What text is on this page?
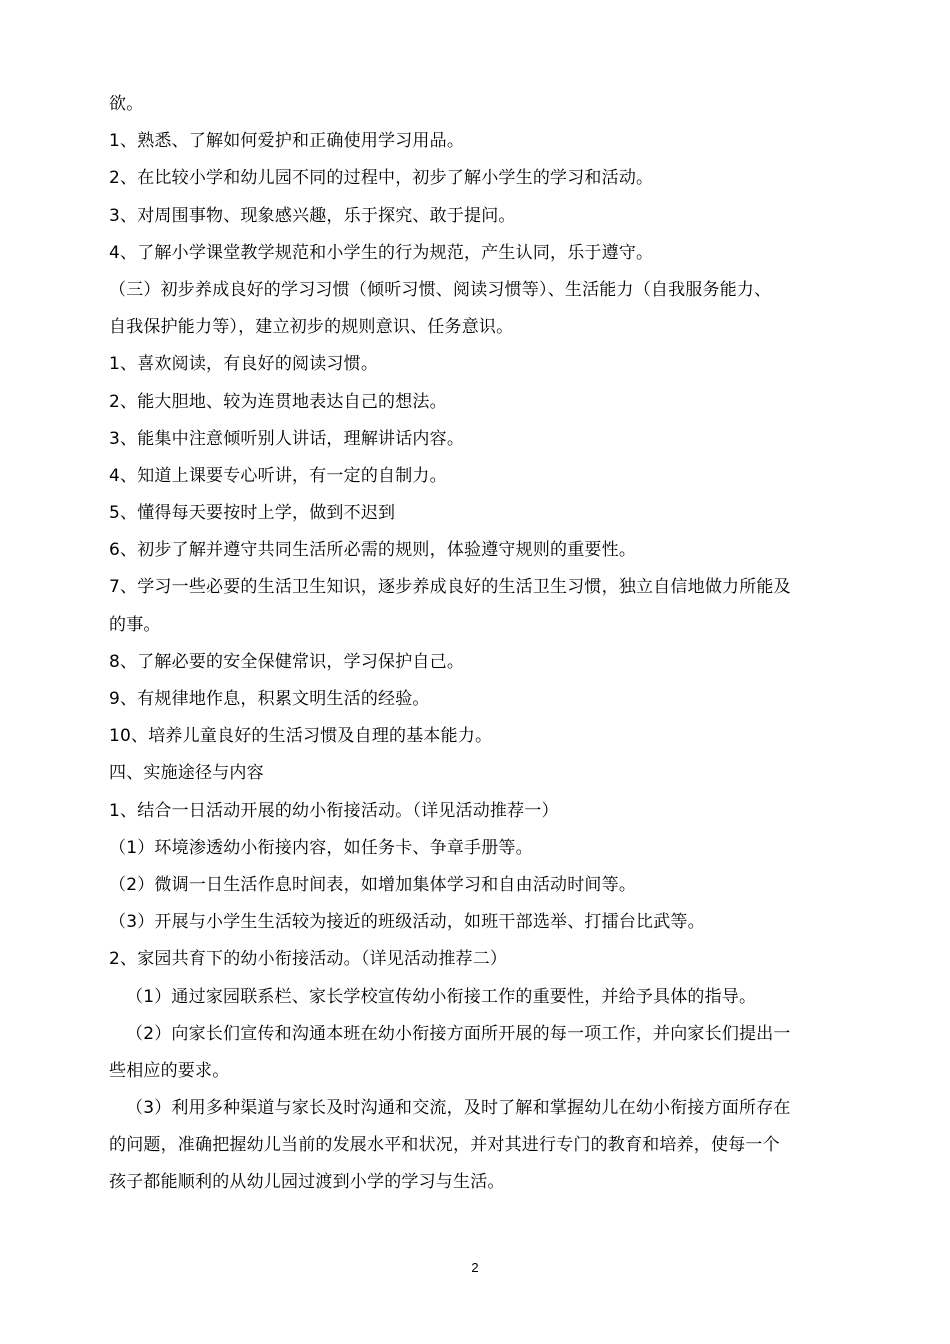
欲。
1、熟悉、了解如何爱护和正确使用学习用品。
2、在比较小学和幼儿园不同的过程中，初步了解小学生的学习和活动。
3、对周围事物、现象感兴趣，乐于探究、敢于提问。
4、了解小学课堂教学规范和小学生的行为规范，产生认同，乐于遵守。
（三）初步养成良好的学习习惯（倾听习惯、阅读习惯等）、生活能力（自我服务能力、
自我保护能力等），建立初步的规则意识、任务意识。
1、喜欢阅读，有良好的阅读习惯。
2、能大胆地、较为连贯地表达自己的想法。
3、能集中注意倾听别人讲话，理解讲话内容。
4、知道上课要专心听讲，有一定的自制力。
5、懂得每天要按时上学，做到不迟到
6、初步了解并遵守共同生活所必需的规则，体验遵守规则的重要性。
7、学习一些必要的生活卫生知识，逐步养成良好的生活卫生习惯，独立自信地做力所能及
的事。
8、了解必要的安全保健常识，学习保护自己。
9、有规律地作息，积累文明生活的经验。
10、培养儿童良好的生活习惯及自理的基本能力。
四、实施途径与内容
1、结合一日活动开展的幼小衔接活动。（详见活动推荐一）
（1）环境渗透幼小衔接内容，如任务卡、争章手册等。
（2）微调一日生活作息时间表，如增加集体学习和自由活动时间等。
（3）开展与小学生生活较为接近的班级活动，如班干部选举、打擂台比武等。
2、家园共育下的幼小衔接活动。（详见活动推荐二）
（1）通过家园联系栏、家长学校宣传幼小衔接工作的重要性，并给予具体的指导。
（2）向家长们宣传和沟通本班在幼小衔接方面所开展的每一项工作，并向家长们提出一
些相应的要求。
（3）利用多种渠道与家长及时沟通和交流，及时了解和掌握幼儿在幼小衔接方面所存在
的问题，准确把握幼儿当前的发展水平和状况，并对其进行专门的教育和培养，使每一个
孩子都能顺利的从幼儿园过渡到小学的学习与生活。
2
